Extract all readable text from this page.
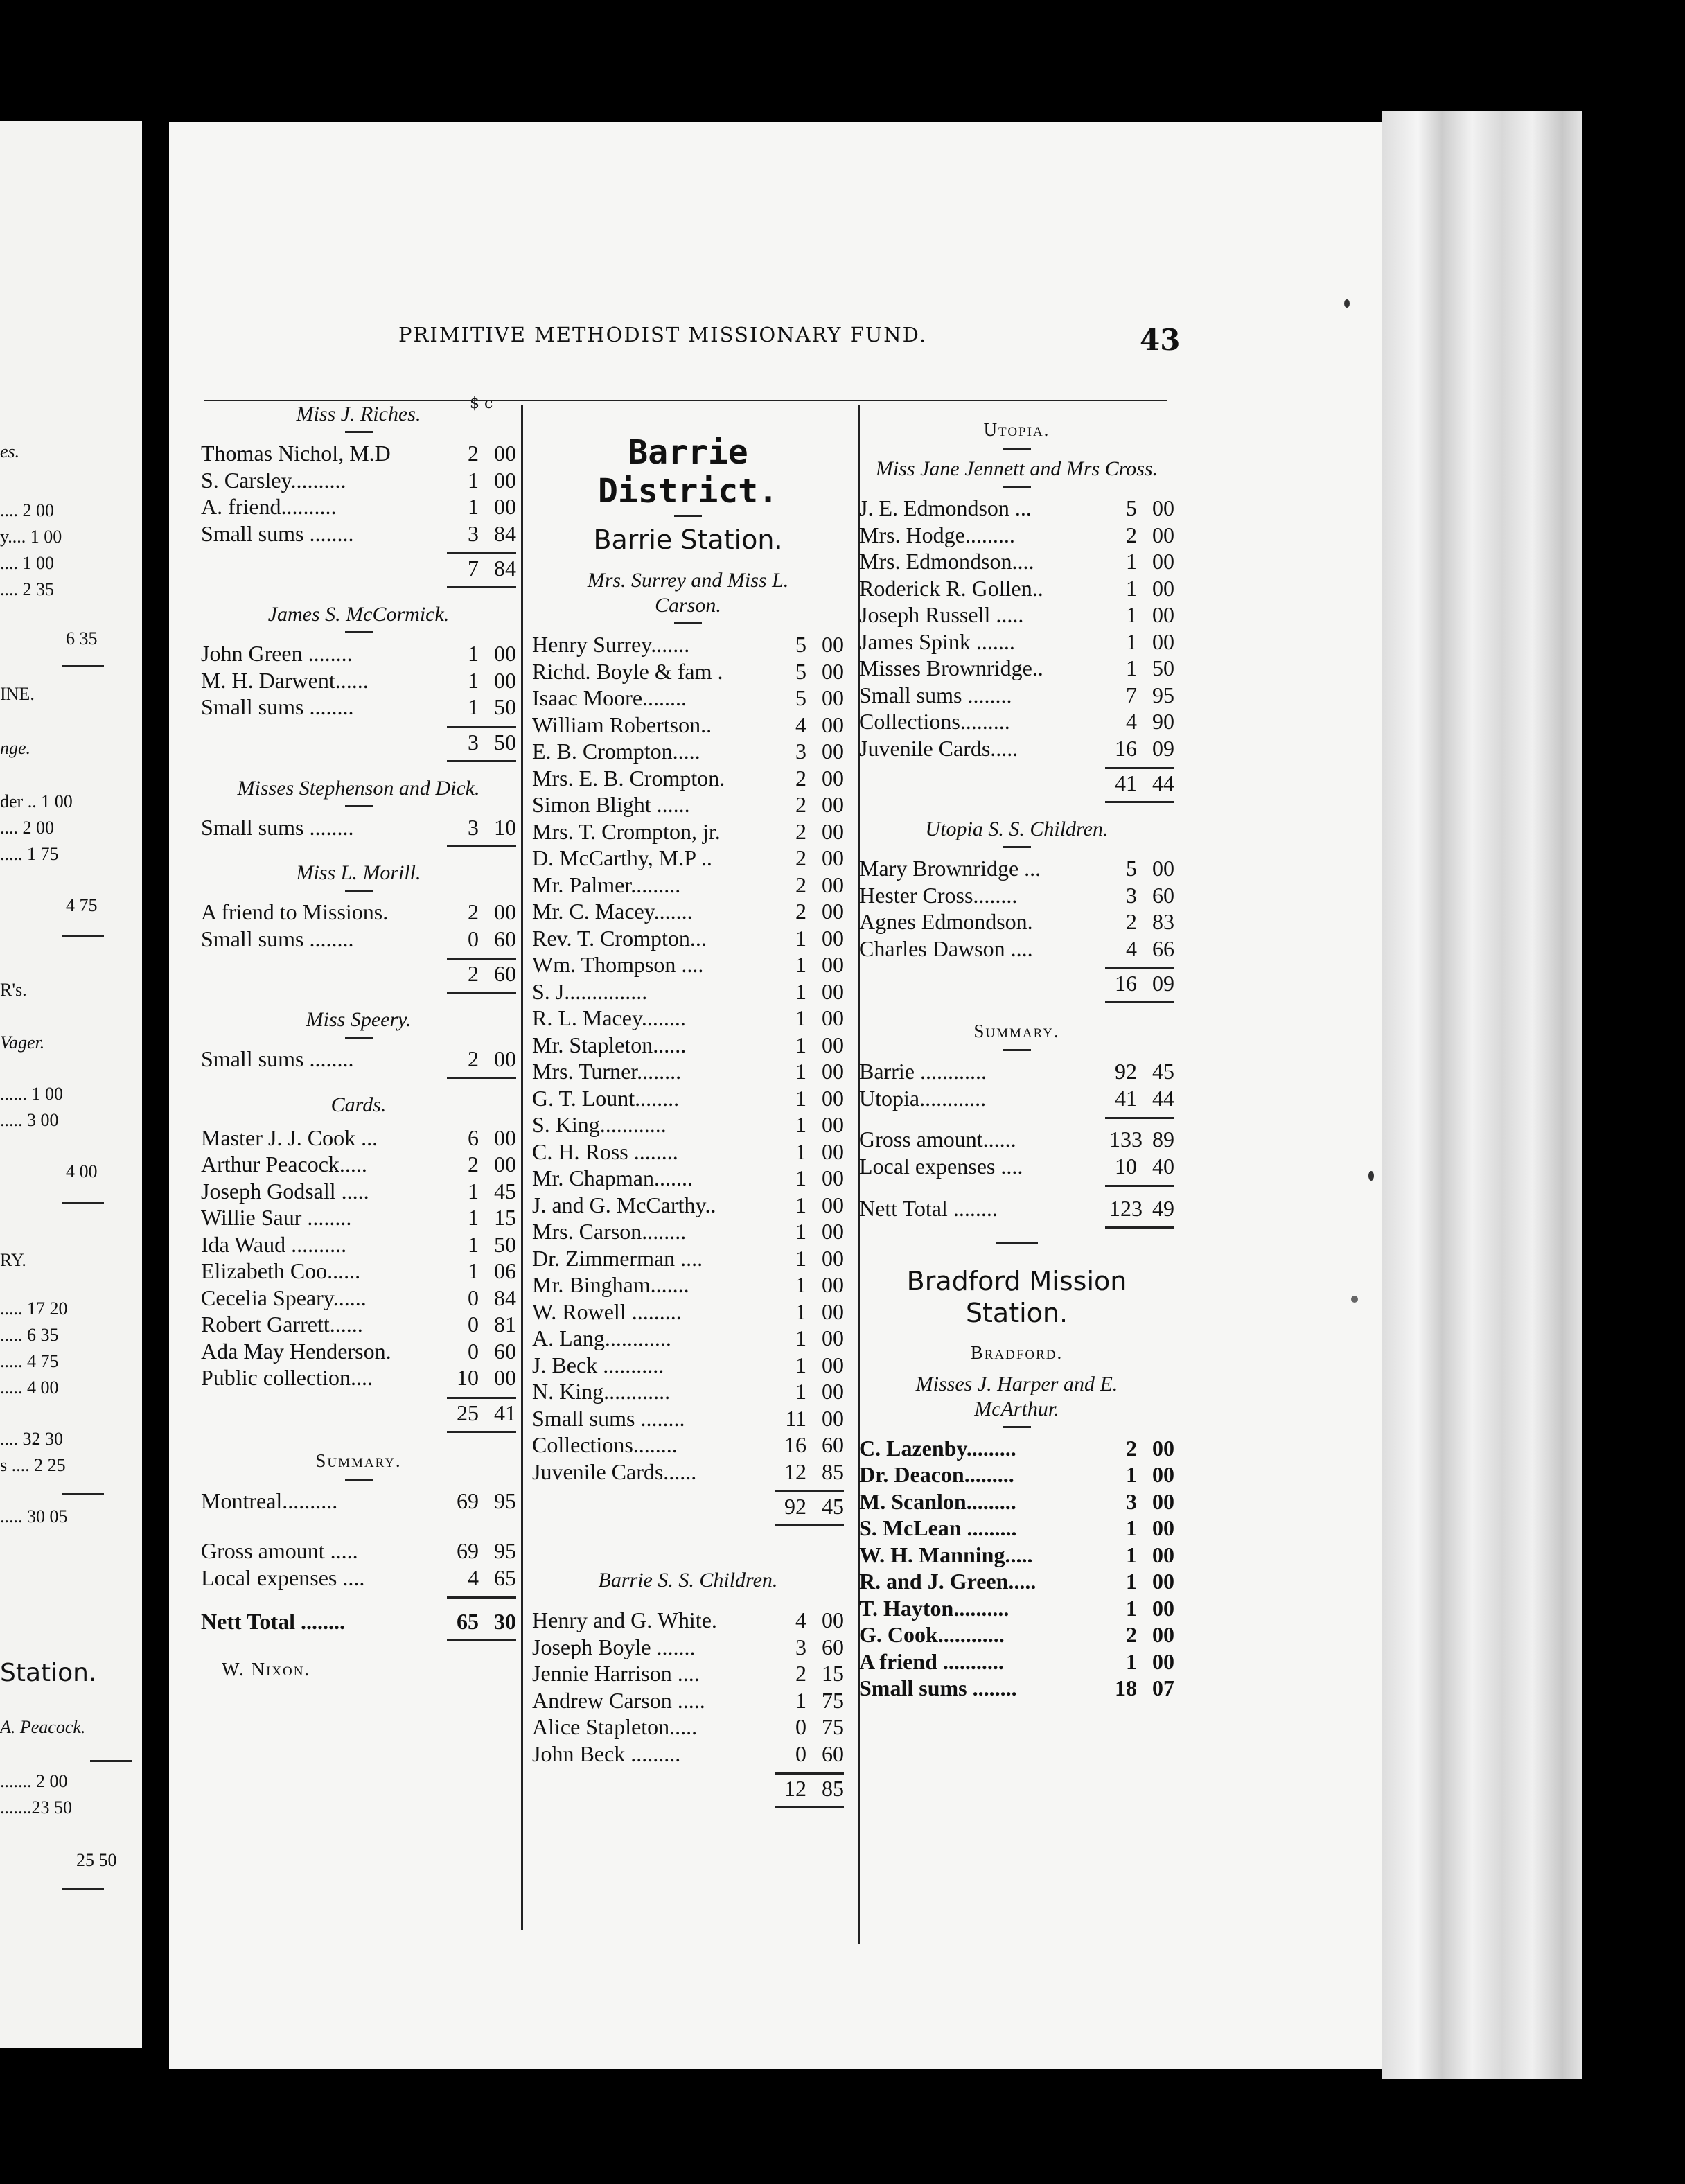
es.
.... 2 00
y.... 1 00
.... 1 00
.... 2 35
6 35
INE.
nge.
der .. 1 00
.... 2 00
..... 1 75
4 75
R's.
Vager.
...... 1 00
..... 3 00
4 00
RY.
..... 17 20
..... 6 35
..... 4 75
..... 4 00
.... 32 30
s .... 2 25
..... 30 05
Station.
A. Peacock.
....... 2 00
.......23 50
25 50
PRIMITIVE METHODIST MISSIONARY FUND.	43
$ c
Miss J. Riches.
Thomas Nichol, M.D	2 00
S. Carsley..........	1 00
A. friend..........	1 00
Small sums ........	3 84
7 84
James S. McCormick.
John Green ........	1 00
M. H. Darwent......	1 00
Small sums ........	1 50
3 50
Misses Stephenson and Dick.
Small sums ........	3 10
Miss L. Morill.
A friend to Missions.	2 00
Small sums ........	0 60
2 60
Miss Speery.
Small sums ........	2 00
Cards.
Master J. J. Cook ...	6 00
Arthur Peacock.....	2 00
Joseph Godsall .....	1 45
Willie Saur ........	1 15
Ida Waud ..........	1 50
Elizabeth Coo......	1 06
Cecelia Speary......	0 84
Robert Garrett......	0 81
Ada May Henderson.	0 60
Public collection....	10 00
25 41
Summary.
Montreal..........	69 95
Gross amount .....	69 95
Local expenses ....	4 65
Nett Total ........	65 30
W. Nixon.
Barrie District.
Barrie Station.
Mrs. Surrey and Miss L. Carson.
Henry Surrey.......	5 00
Richd. Boyle & fam .	5 00
Isaac Moore........	5 00
William Robertson..	4 00
E. B. Crompton.....	3 00
Mrs. E. B. Crompton.	2 00
Simon Blight ......	2 00
Mrs. T. Crompton, jr.	2 00
D. McCarthy, M.P ..	2 00
Mr. Palmer.........	2 00
Mr. C. Macey.......	2 00
Rev. T. Crompton...	1 00
Wm. Thompson ....	1 00
S. J...............	1 00
R. L. Macey........	1 00
Mr. Stapleton......	1 00
Mrs. Turner........	1 00
G. T. Lount........	1 00
S. King............	1 00
C. H. Ross ........	1 00
Mr. Chapman.......	1 00
J. and G. McCarthy..	1 00
Mrs. Carson........	1 00
Dr. Zimmerman ....	1 00
Mr. Bingham.......	1 00
W. Rowell .........	1 00
A. Lang............	1 00
J. Beck ...........	1 00
N. King............	1 00
Small sums ........	11 00
Collections........	16 60
Juvenile Cards......	12 85
92 45
Barrie S. S. Children.
Henry and G. White.	4 00
Joseph Boyle .......	3 60
Jennie Harrison ....	2 15
Andrew Carson .....	1 75
Alice Stapleton.....	0 75
John Beck .........	0 60
12 85
Utopia.
Miss Jane Jennett and Mrs Cross.
J. E. Edmondson ...	5 00
Mrs. Hodge.........	2 00
Mrs. Edmondson....	1 00
Roderick R. Gollen..	1 00
Joseph Russell .....	1 00
James Spink .......	1 00
Misses Brownridge..	1 50
Small sums ........	7 95
Collections.........	4 90
Juvenile Cards.....	16 09
41 44
Utopia S. S. Children.
Mary Brownridge ...	5 00
Hester Cross........	3 60
Agnes Edmondson.	2 83
Charles Dawson ....	4 66
16 09
Summary.
Barrie ............	92 45
Utopia............	41 44
Gross amount......	133 89
Local expenses ....	10 40
Nett Total ........	123 49
Bradford Mission Station.
Bradford.
Misses J. Harper and E. McArthur.
C. Lazenby.........	2 00
Dr. Deacon.........	1 00
M. Scanlon.........	3 00
S. McLean .........	1 00
W. H. Manning.....	1 00
R. and J. Green.....	1 00
T. Hayton..........	1 00
G. Cook............	2 00
A friend ...........	1 00
Small sums ........	18 07
